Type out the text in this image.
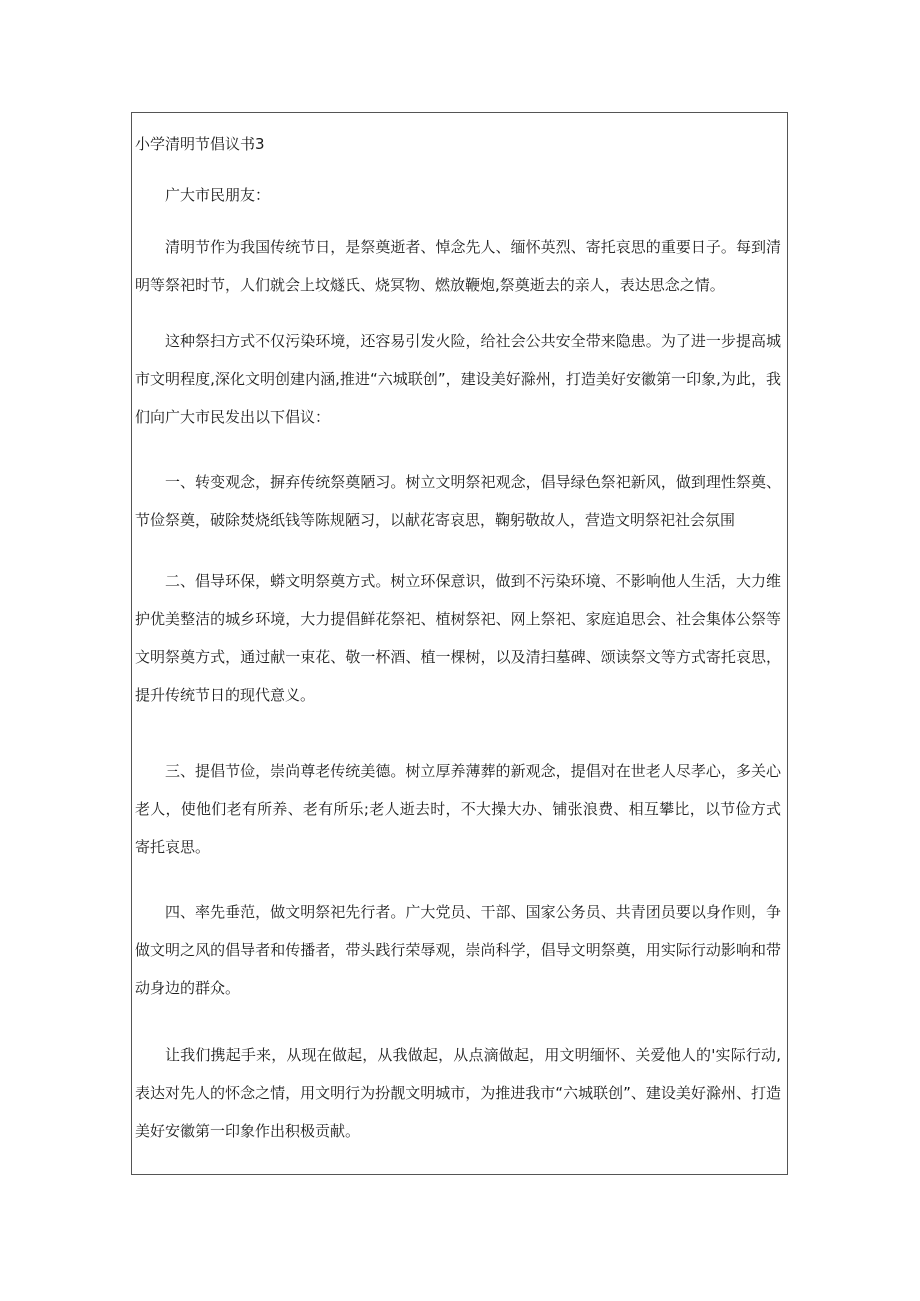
小学清明节倡议书3

广大市民朋友：

清明节作为我国传统节日，是祭奠逝者、悼念先人、缅怀英烈、寄托哀思的重要日子。每到清明等祭祀时节，人们就会上坟燧氏、烧冥物、燃放鞭炮,祭奠逝去的亲人，表达思念之情。

这种祭扫方式不仅污染环境，还容易引发火险，给社会公共安全带来隐患。为了进一步提高城市文明程度,深化文明创建内涵,推进“六城联创”，建设美好滁州，打造美好安徽第一印象,为此，我们向广大市民发出以下倡议：

一、转变观念，摒弃传统祭奠陋习。树立文明祭祀观念，倡导绿色祭祀新风，做到理性祭奠、节俭祭奠，破除焚烧纸钱等陈规陋习，以献花寄哀思，鞠躬敬故人，营造文明祭祀社会氛围

二、倡导环保，蟒文明祭奠方式。树立环保意识，做到不污染环境、不影响他人生活，大力维护优美整洁的城乡环境，大力提倡鲜花祭祀、植树祭祀、网上祭祀、家庭追思会、社会集体公祭等文明祭奠方式，通过献一束花、敬一杯酒、植一棵树，以及清扫墓碑、颂读祭文等方式寄托哀思，提升传统节日的现代意义。

三、提倡节俭，崇尚尊老传统美德。树立厚养薄葬的新观念，提倡对在世老人尽孝心，多关心老人，使他们老有所养、老有所乐;老人逝去时，不大操大办、铺张浪费、相互攀比，以节俭方式寄托哀思。

四、率先垂范，做文明祭祀先行者。广大党员、干部、国家公务员、共青团员要以身作则，争做文明之风的倡导者和传播者，带头践行荣辱观，崇尚科学，倡导文明祭奠，用实际行动影响和带动身边的群众。

让我们携起手来，从现在做起，从我做起，从点滴做起，用文明缅怀、关爱他人的'实际行动,表达对先人的怀念之情，用文明行为扮靓文明城市，为推进我市“六城联创”、建设美好滁州、打造美好安徽第一印象作出积极贡献。
